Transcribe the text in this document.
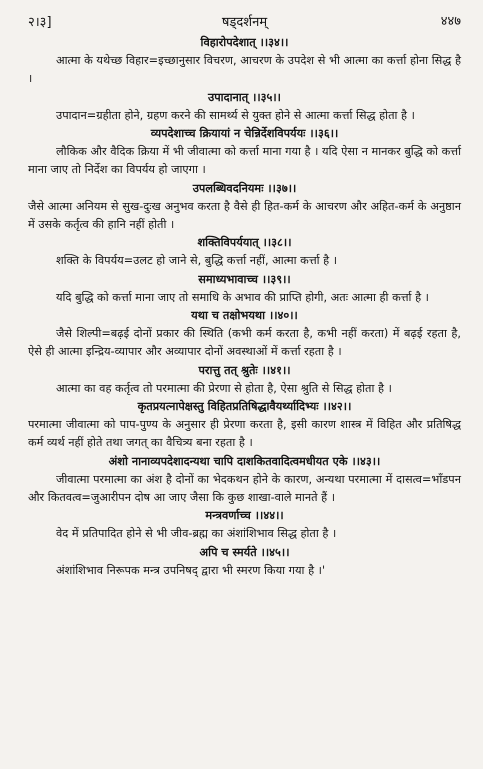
२।३]	षड्दर्शनम्	४४७
विहारोपदेशात् ।।३४।।
आत्मा के यथेच्छ विहार=इच्छानुसार विचरण, आचरण के उपदेश से भी आत्मा का कर्त्ता होना सिद्ध है ।
उपादानात् ।।३५।।
उपादान=ग्रहीता होने, ग्रहण करने की सामर्थ्य से युक्त होने से आत्मा कर्त्ता सिद्ध होता है ।
व्यपदेशाच्च क्रियायां न चेन्निर्देशविपर्ययः ।।३६।।
लौकिक और वैदिक क्रिया में भी जीवात्मा को कर्त्ता माना गया है । यदि ऐसा न मानकर बुद्धि को कर्त्ता माना जाए तो निर्देश का विपर्यय हो जाएगा ।
उपलब्धिवदनियमः ।।३७।।
जैसे आत्मा अनियम से सुख-दुःख अनुभव करता है वैसे ही हित-कर्म के आचरण और अहित-कर्म के अनुष्ठान में उसके कर्तृत्व की हानि नहीं होती ।
शक्तिविपर्ययात् ।।३८।।
शक्ति के विपर्यय=उलट हो जाने से, बुद्धि कर्त्ता नहीं, आत्मा कर्त्ता है ।
समाध्यभावाच्च ।।३९।।
यदि बुद्धि को कर्त्ता माना जाए तो समाधि के अभाव की प्राप्ति होगी, अतः आत्मा ही कर्त्ता है ।
यथा च तक्षोभयथा ।।४०।।
जैसे शिल्पी=बढ़ई दोनों प्रकार की स्थिति (कभी कर्म करता है, कभी नहीं करता) में बढ़ई रहता है, ऐसे ही आत्मा इन्द्रिय-व्यापार और अव्यापार दोनों अवस्थाओं में कर्त्ता रहता है ।
परात्तु तत् श्रुतेः ।।४१।।
आत्मा का वह कर्तृत्व तो परमात्मा की प्रेरणा से होता है, ऐसा श्रुति से सिद्ध होता है ।
कृतप्रयत्नापेक्षस्तु विहितप्रतिषिद्धावैयर्थ्यादिभ्यः ।।४२।।
परमात्मा जीवात्मा को पाप-पुण्य के अनुसार ही प्रेरणा करता है, इसी कारण शास्त्र में विहित और प्रतिषिद्ध कर्म व्यर्थ नहीं होते तथा जगत् का वैचित्र्य बना रहता है ।
अंशो नानाव्यपदेशादन्यथा चापि दाशकितवादित्वमधीयत एके ।।४३।।
जीवात्मा परमात्मा का अंश है दोनों का भेदकथन होने के कारण, अन्यथा परमात्मा में दासत्व=भाँडपन और कितवत्व=जुआरीपन दोष आ जाए जैसा कि कुछ शाखा-वाले मानते हैं ।
मन्त्रवर्णाच्च ।।४४।।
वेद में प्रतिपादित होने से भी जीव-ब्रह्म का अंशांशिभाव सिद्ध होता है ।
अपि च स्मर्यते ।।४५।।
अंशांशिभाव निरूपक मन्त्र उपनिषद् द्वारा भी स्मरण किया गया है ।'
